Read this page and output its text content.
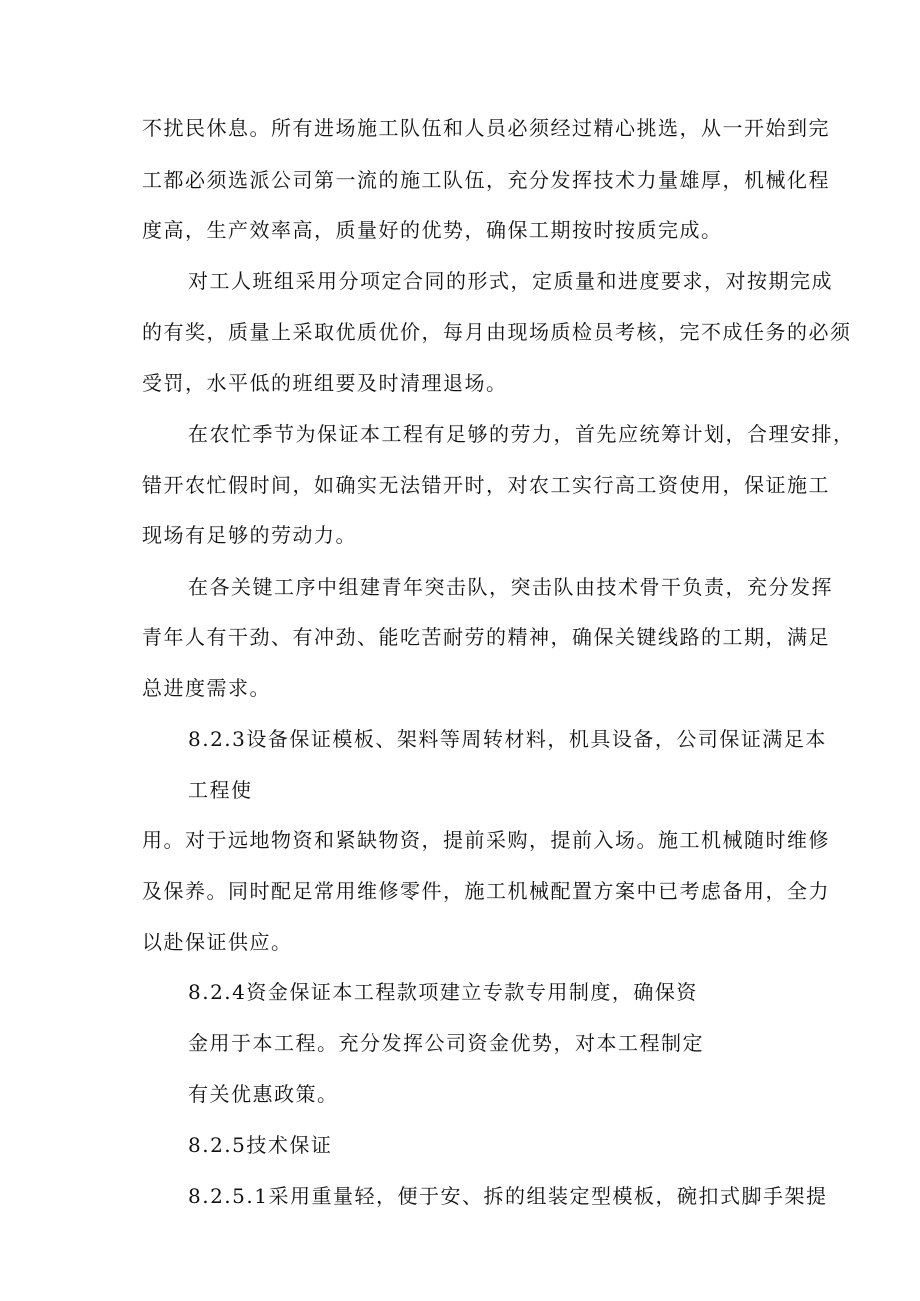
不扰民休息。所有进场施工队伍和人员必须经过精心挑选，从一开始到完
工都必须选派公司第一流的施工队伍，充分发挥技术力量雄厚，机械化程
度高，生产效率高，质量好的优势，确保工期按时按质完成。
对工人班组采用分项定合同的形式，定质量和进度要求，对按期完成
的有奖，质量上采取优质优价，每月由现场质检员考核，完不成任务的必须
受罚，水平低的班组要及时清理退场。
在农忙季节为保证本工程有足够的劳力，首先应统筹计划，合理安排，
错开农忙假时间，如确实无法错开时，对农工实行高工资使用，保证施工
现场有足够的劳动力。
在各关键工序中组建青年突击队，突击队由技术骨干负责，充分发挥
青年人有干劲、有冲劲、能吃苦耐劳的精神，确保关键线路的工期，满足
总进度需求。
8.2.3设备保证模板、架料等周转材料，机具设备，公司保证满足本
工程使
用。对于远地物资和紧缺物资，提前采购，提前入场。施工机械随时维修
及保养。同时配足常用维修零件，施工机械配置方案中已考虑备用，全力
以赴保证供应。
8.2.4资金保证本工程款项建立专款专用制度，确保资
金用于本工程。充分发挥公司资金优势，对本工程制定
有关优惠政策。
8.2.5技术保证
8.2.5.1采用重量轻，便于安、拆的组装定型模板，碗扣式脚手架提
